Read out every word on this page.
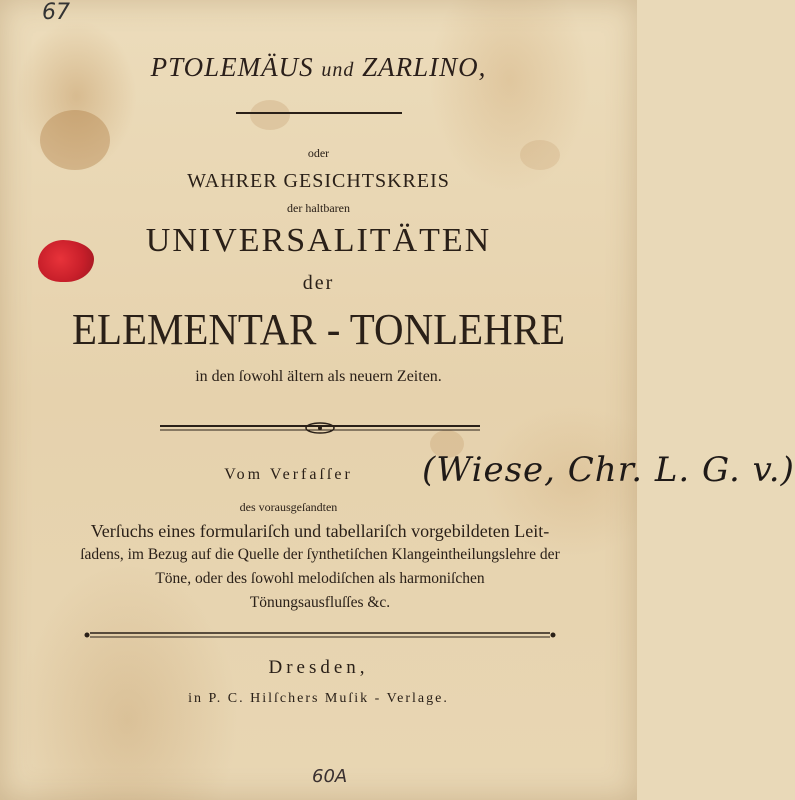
67
PTOLEMÄUS und ZARLINO,
oder
WAHRER GESICHTSKREIS
der haltbaren
UNIVERSALITÄTEN
der
ELEMENTAR - TONLEHRE
in den ſowohl ältern als neuern Zeiten.
Vom Verfaſſer
des vorausgeſandten
(Wiese, Chr. L. G. v.)
Verſuchs eines formulariſch und tabellariſch vorgebildeten Leit-
ſadens, im Bezug auf die Quelle der ſynthetiſchen Klangeintheilungslehre der
Töne, oder des ſowohl melodiſchen als harmoniſchen
Tönungsausfluſſes &c.
Dresden,
in P. C. Hilſchers Muſik - Verlage.
60A
